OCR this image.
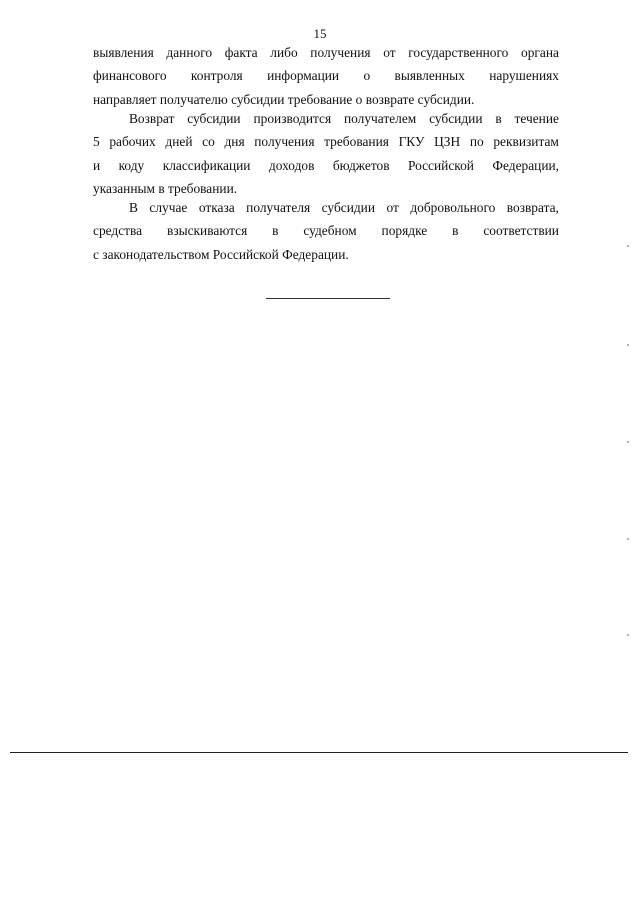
15
выявления данного факта либо получения от государственного органа
финансового контроля информации о выявленных нарушениях
направляет получателю субсидии требование о возврате субсидии.
Возврат субсидии производится получателем субсидии в течение
5 рабочих дней со дня получения требования ГКУ ЦЗН по реквизитам
и коду классификации доходов бюджетов Российской Федерации,
указанным в требовании.
В случае отказа получателя субсидии от добровольного возврата,
средства взыскиваются в судебном порядке в соответствии
с законодательством Российской Федерации.
